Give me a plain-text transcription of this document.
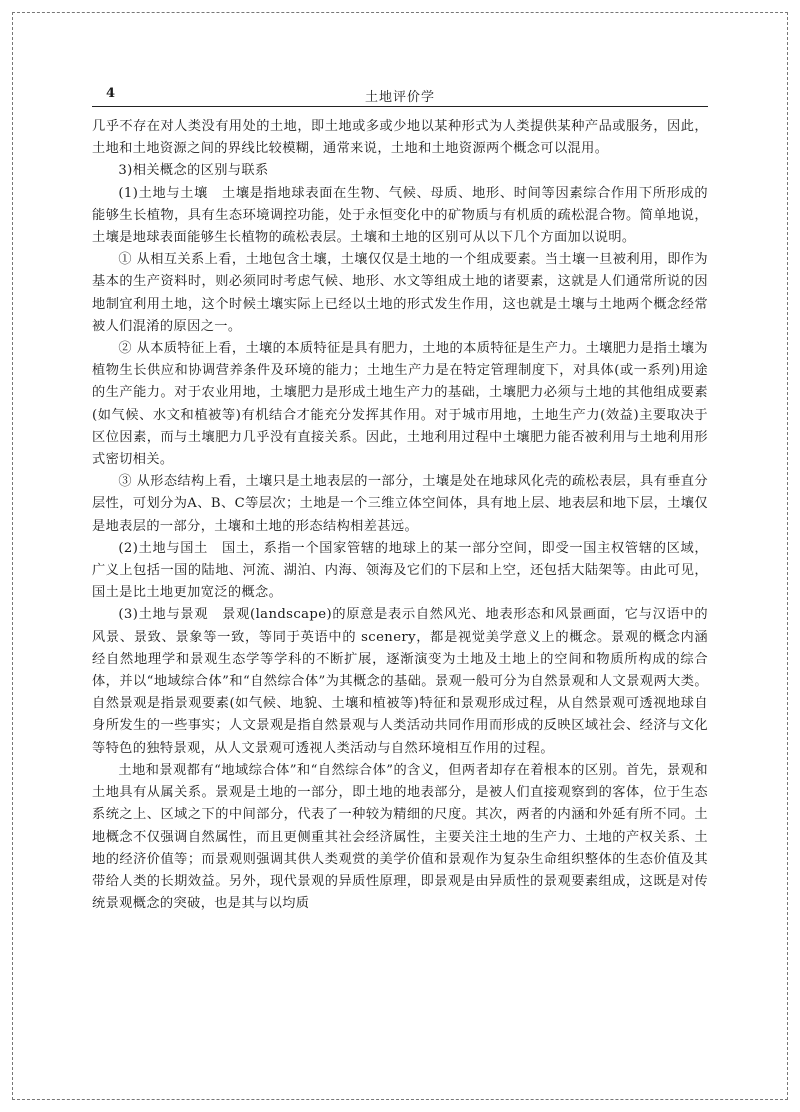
4	土地评价学

几乎不存在对人类没有用处的土地，即土地或多或少地以某种形式为人类提供某种产品或服务，因此，土地和土地资源之间的界线比较模糊，通常来说，土地和土地资源两个概念可以混用。

3)相关概念的区别与联系

(1)土地与土壤　土壤是指地球表面在生物、气候、母质、地形、时间等因素综合作用下所形成的能够生长植物，具有生态环境调控功能，处于永恒变化中的矿物质与有机质的疏松混合物。简单地说，土壤是地球表面能够生长植物的疏松表层。土壤和土地的区别可从以下几个方面加以说明。

① 从相互关系上看，土地包含土壤，土壤仅仅是土地的一个组成要素。当土壤一旦被利用，即作为基本的生产资料时，则必须同时考虑气候、地形、水文等组成土地的诸要素，这就是人们通常所说的因地制宜利用土地，这个时候土壤实际上已经以土地的形式发生作用，这也就是土壤与土地两个概念经常被人们混淆的原因之一。

② 从本质特征上看，土壤的本质特征是具有肥力，土地的本质特征是生产力。土壤肥力是指土壤为植物生长供应和协调营养条件及环境的能力；土地生产力是在特定管理制度下，对具体(或一系列)用途的生产能力。对于农业用地，土壤肥力是形成土地生产力的基础，土壤肥力必须与土地的其他组成要素(如气候、水文和植被等)有机结合才能充分发挥其作用。对于城市用地，土地生产力(效益)主要取决于区位因素，而与土壤肥力几乎没有直接关系。因此，土地利用过程中土壤肥力能否被利用与土地利用形式密切相关。

③ 从形态结构上看，土壤只是土地表层的一部分，土壤是处在地球风化壳的疏松表层，具有垂直分层性，可划分为A、B、C等层次；土地是一个三维立体空间体，具有地上层、地表层和地下层，土壤仅是地表层的一部分，土壤和土地的形态结构相差甚远。

(2)土地与国土　国土，系指一个国家管辖的地球上的某一部分空间，即受一国主权管辖的区域，广义上包括一国的陆地、河流、湖泊、内海、领海及它们的下层和上空，还包括大陆架等。由此可见，国土是比土地更加宽泛的概念。

(3)土地与景观　景观(landscape)的原意是表示自然风光、地表形态和风景画面，它与汉语中的风景、景致、景象等一致，等同于英语中的 scenery，都是视觉美学意义上的概念。景观的概念内涵经自然地理学和景观生态学等学科的不断扩展，逐渐演变为土地及土地上的空间和物质所构成的综合体，并以“地域综合体”和“自然综合体”为其概念的基础。景观一般可分为自然景观和人文景观两大类。自然景观是指景观要素(如气候、地貌、土壤和植被等)特征和景观形成过程，从自然景观可透视地球自身所发生的一些事实；人文景观是指自然景观与人类活动共同作用而形成的反映区域社会、经济与文化等特色的独特景观，从人文景观可透视人类活动与自然环境相互作用的过程。

土地和景观都有“地域综合体”和“自然综合体”的含义，但两者却存在着根本的区别。首先，景观和土地具有从属关系。景观是土地的一部分，即土地的地表部分，是被人们直接观察到的客体，位于生态系统之上、区域之下的中间部分，代表了一种较为精细的尺度。其次，两者的内涵和外延有所不同。土地概念不仅强调自然属性，而且更侧重其社会经济属性，主要关注土地的生产力、土地的产权关系、土地的经济价值等；而景观则强调其供人类观赏的美学价值和景观作为复杂生命组织整体的生态价值及其带给人类的长期效益。另外，现代景观的异质性原理，即景观是由异质性的景观要素组成，这既是对传统景观概念的突破，也是其与以均质
